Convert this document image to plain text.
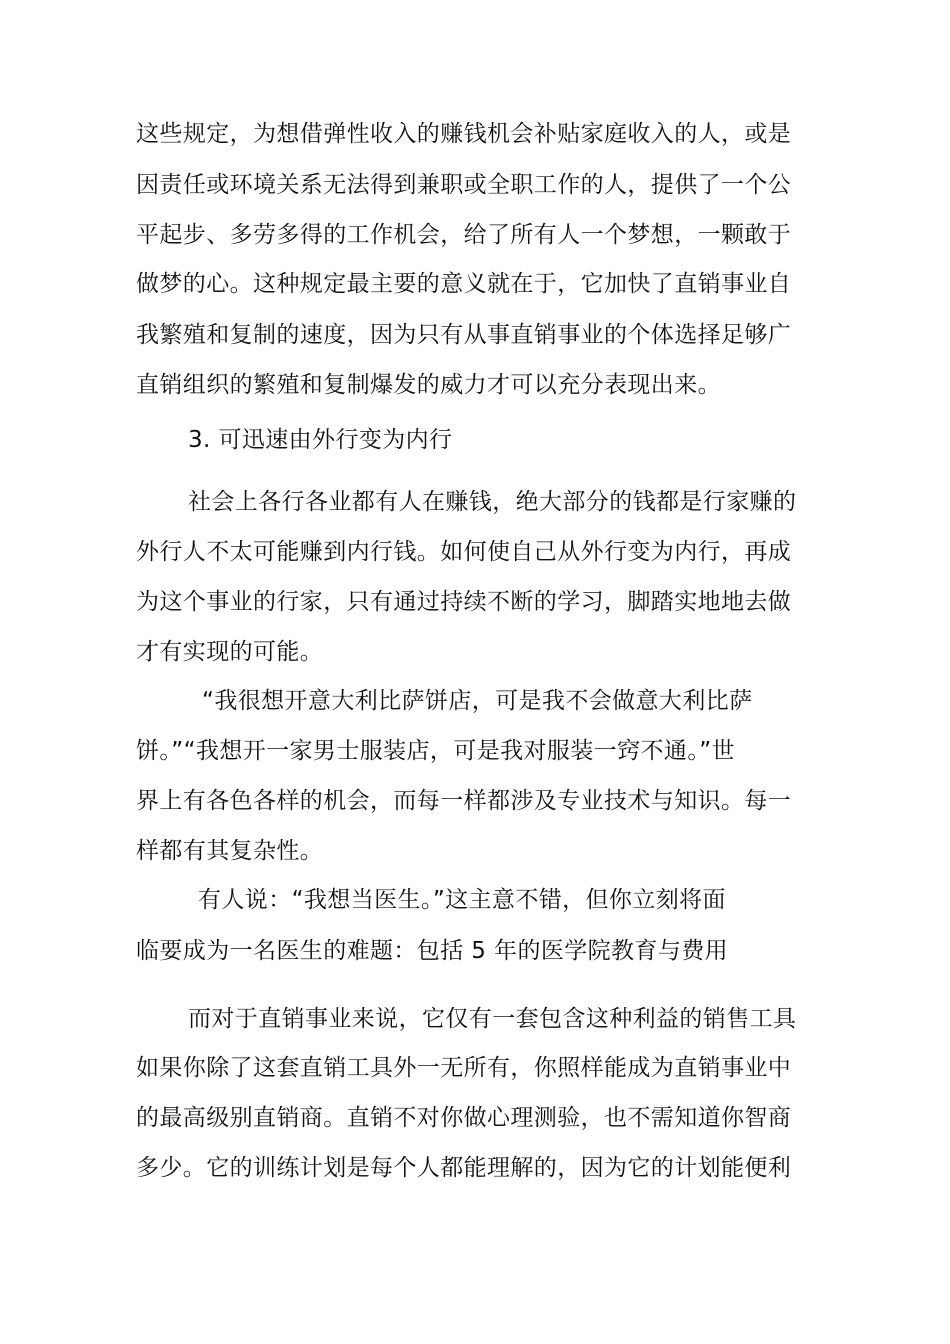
这些规定，为想借弹性收入的赚钱机会补贴家庭收入的人，或是
因责任或环境关系无法得到兼职或全职工作的人，提供了一个公
平起步、多劳多得的工作机会，给了所有人一个梦想，一颗敢于
做梦的心。这种规定最主要的意义就在于，它加快了直销事业自
我繁殖和复制的速度，因为只有从事直销事业的个体选择足够广
直销组织的繁殖和复制爆发的威力才可以充分表现出来。
3. 可迅速由外行变为内行
社会上各行各业都有人在赚钱，绝大部分的钱都是行家赚的
外行人不太可能赚到内行钱。如何使自己从外行变为内行，再成
为这个事业的行家，只有通过持续不断的学习，脚踏实地地去做
才有实现的可能。
“我很想开意大利比萨饼店，可是我不会做意大利比萨
饼。”“我想开一家男士服装店，可是我对服装一窍不通。”世
界上有各色各样的机会，而每一样都涉及专业技术与知识。每一
样都有其复杂性。
有人说：“我想当医生。”这主意不错，但你立刻将面
临要成为一名医生的难题：包括 5 年的医学院教育与费用
而对于直销事业来说，它仅有一套包含这种利益的销售工具
如果你除了这套直销工具外一无所有，你照样能成为直销事业中
的最高级别直销商。直销不对你做心理测验，也不需知道你智商
多少。它的训练计划是每个人都能理解的，因为它的计划能便利
